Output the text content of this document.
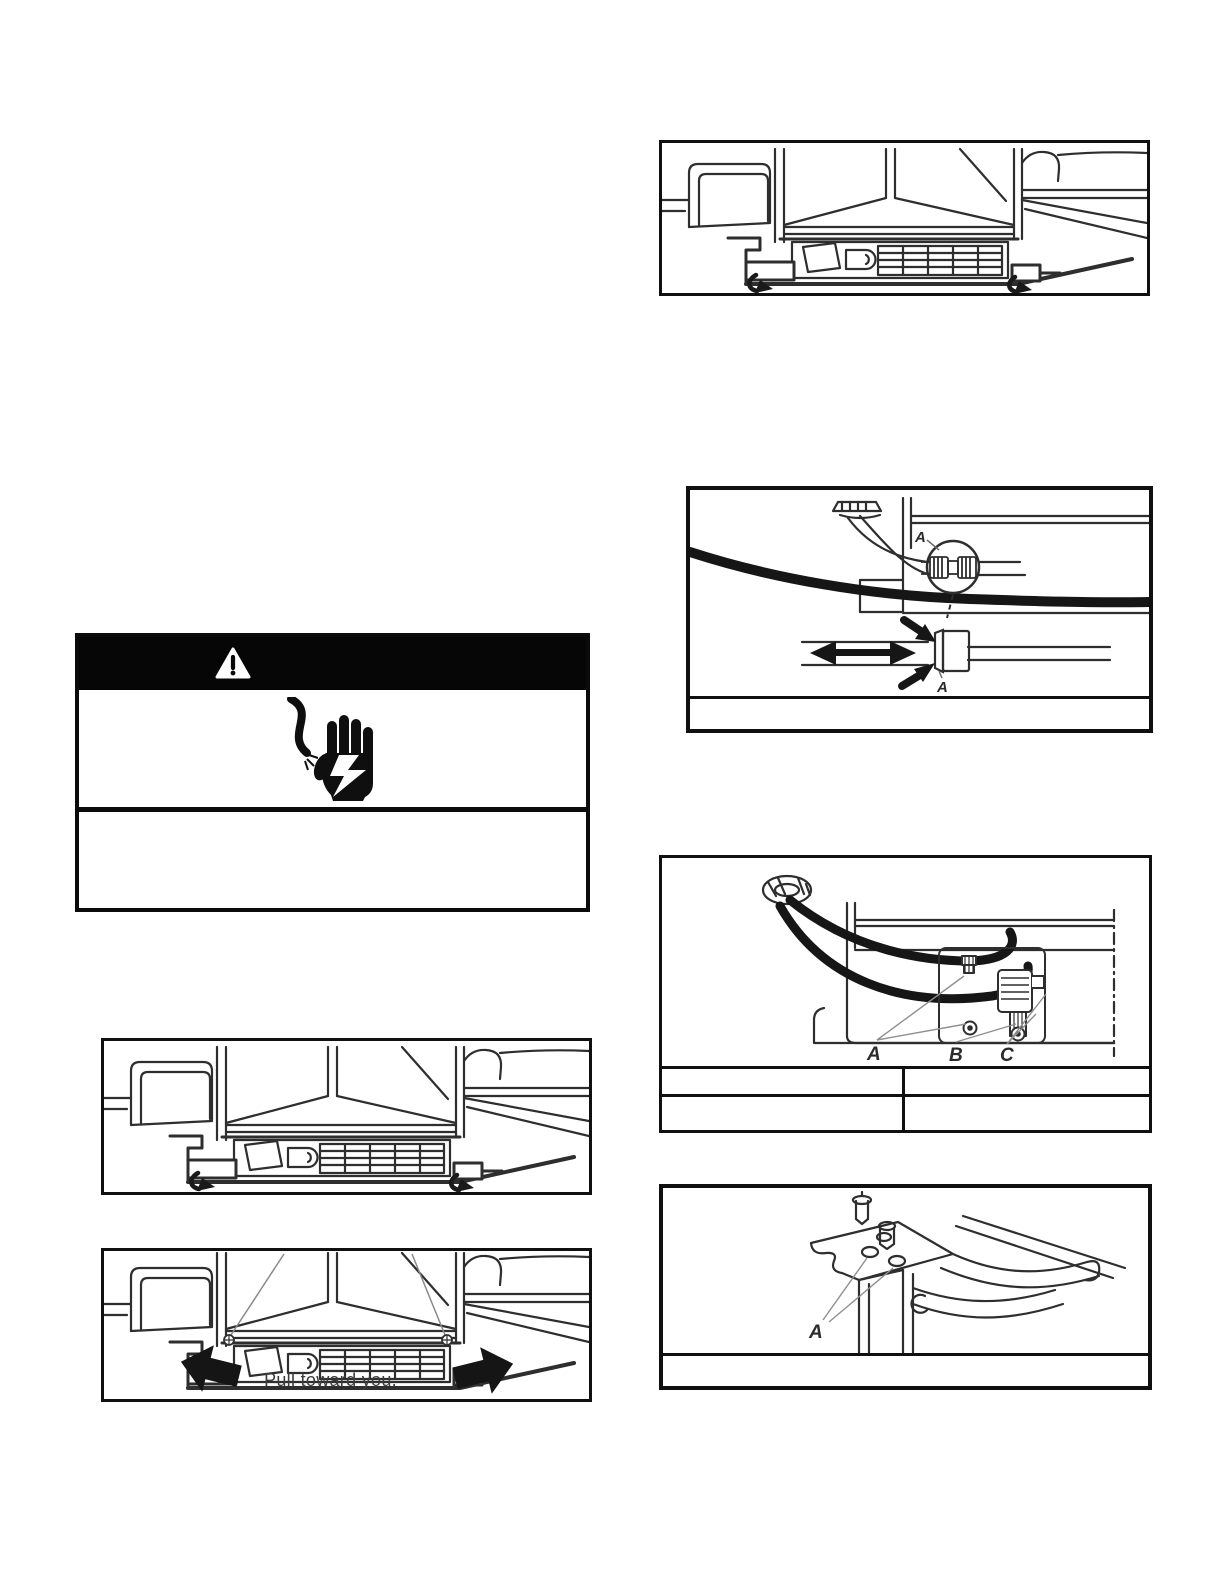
A
A
A	B C
A
Pull toward you.
